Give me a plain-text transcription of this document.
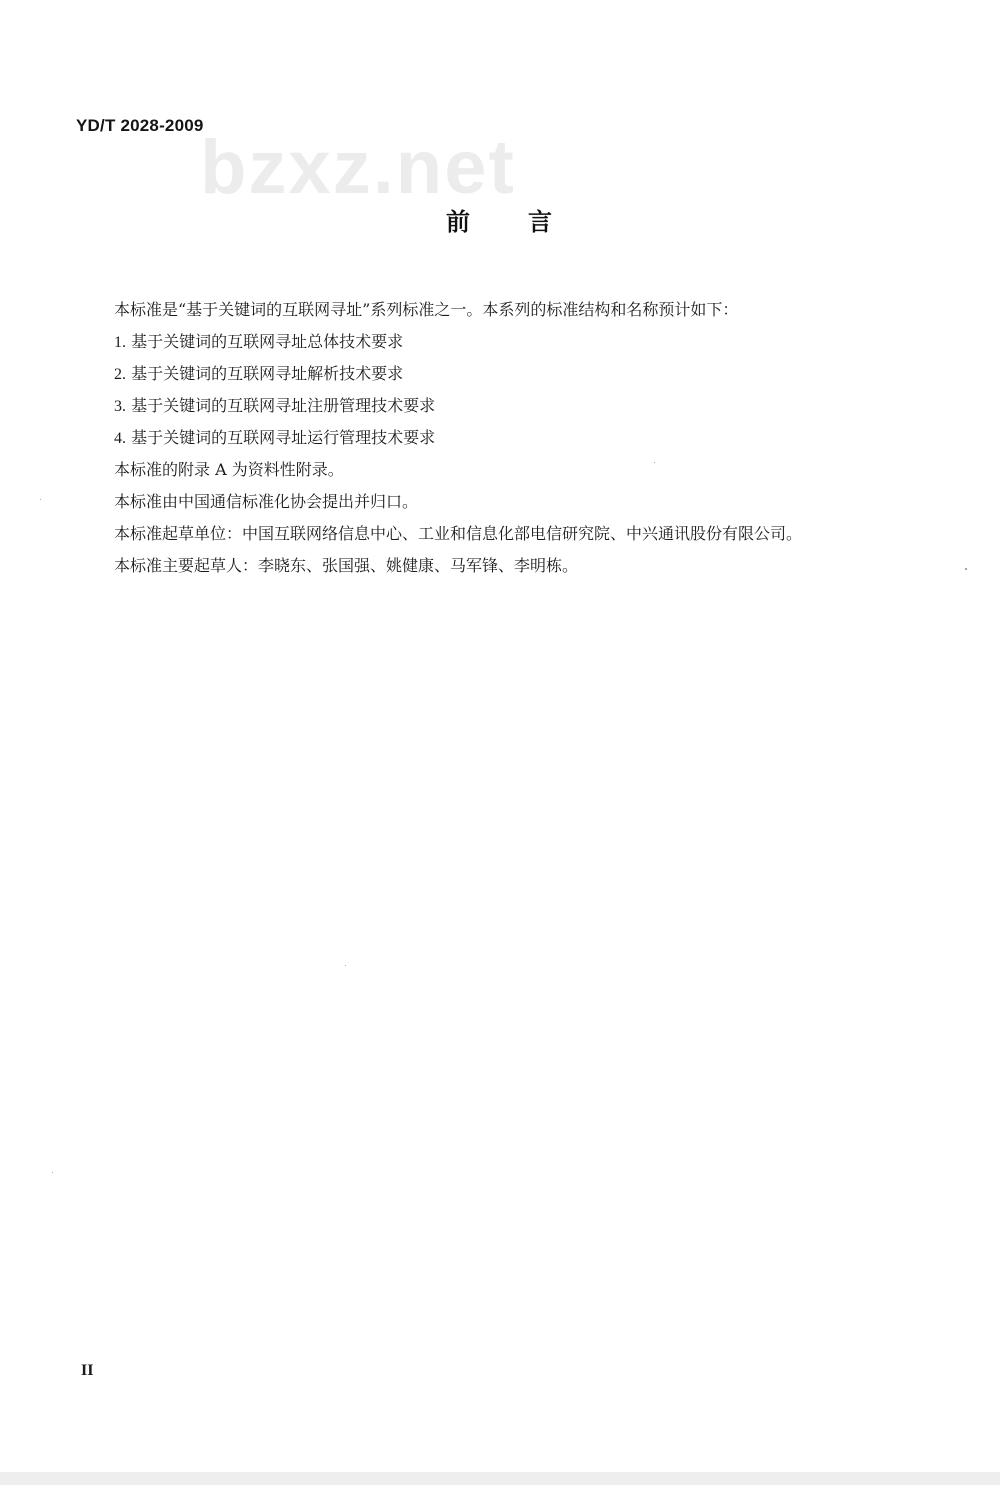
YD/T 2028-2009
bzxz.net
前 言
本标准是“基于关键词的互联网寻址”系列标准之一。本系列的标准结构和名称预计如下：
1. 基于关键词的互联网寻址总体技术要求
2. 基于关键词的互联网寻址解析技术要求
3. 基于关键词的互联网寻址注册管理技术要求
4. 基于关键词的互联网寻址运行管理技术要求
本标准的附录 A 为资料性附录。
本标准由中国通信标准化协会提出并归口。
本标准起草单位：中国互联网络信息中心、工业和信息化部电信研究院、中兴通讯股份有限公司。
本标准主要起草人：李晓东、张国强、姚健康、马军锋、李明栋。
II
